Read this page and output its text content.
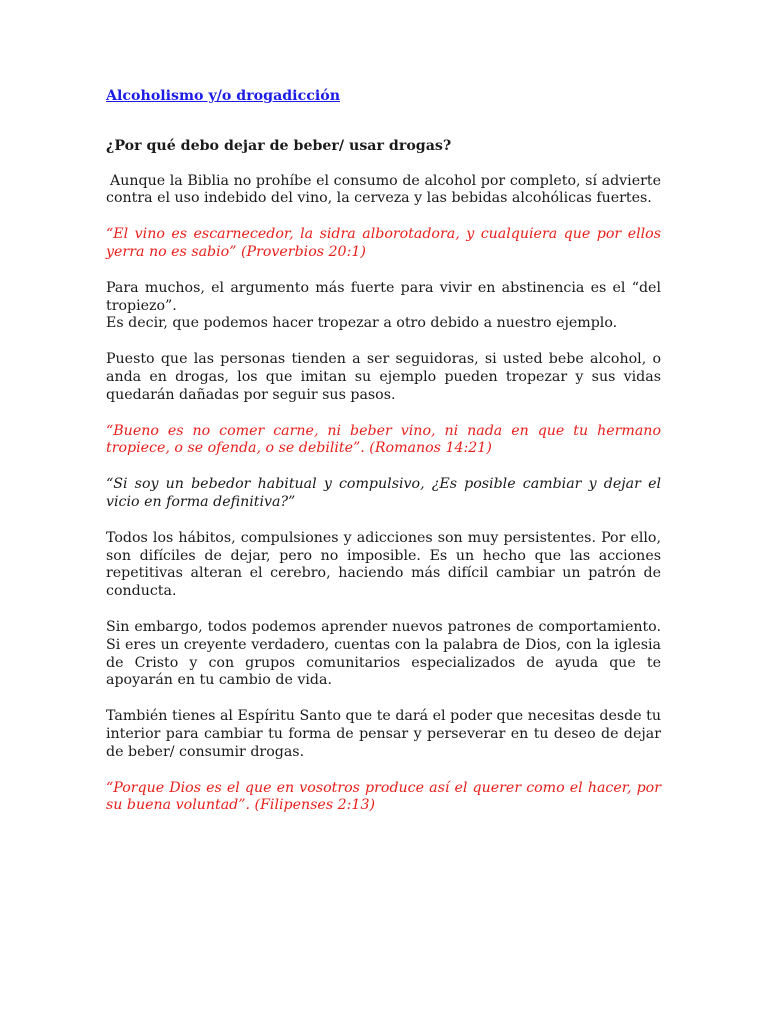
Alcoholismo y/o drogadicción
¿Por qué debo dejar de beber/ usar drogas?

Aunque la Biblia no prohíbe el consumo de alcohol por completo, sí advierte contra el uso indebido del vino, la cerveza y las bebidas alcohólicas fuertes.

“El vino es escarnecedor, la sidra alborotadora, y cualquiera que por ellos yerra no es sabio” (Proverbios 20:1)

Para muchos, el argumento más fuerte para vivir en abstinencia es el “del tropiezo”.

Es decir, que podemos hacer tropezar a otro debido a nuestro ejemplo.

Puesto que las personas tienden a ser seguidoras, si usted bebe alcohol, o anda en drogas, los que imitan su ejemplo pueden tropezar y sus vidas quedarán dañadas por seguir sus pasos.

“Bueno es no comer carne, ni beber vino, ni nada en que tu hermano tropiece, o se ofenda, o se debilite”. (Romanos 14:21)

“Si soy un bebedor habitual y compulsivo, ¿Es posible cambiar y dejar el vicio en forma definitiva?”

Todos los hábitos, compulsiones y adicciones son muy persistentes. Por ello, son difíciles de dejar, pero no imposible. Es un hecho que las acciones repetitivas alteran el cerebro, haciendo más difícil cambiar un patrón de conducta.

Sin embargo, todos podemos aprender nuevos patrones de comportamiento. Si eres un creyente verdadero, cuentas con la palabra de Dios, con la iglesia de Cristo y con grupos comunitarios especializados de ayuda que te apoyarán en tu cambio de vida.

También tienes al Espíritu Santo que te dará el poder que necesitas desde tu interior para cambiar tu forma de pensar y perseverar en tu deseo de dejar de beber/ consumir drogas.

“Porque Dios es el que en vosotros produce así el querer como el hacer, por su buena voluntad”. (Filipenses 2:13)
